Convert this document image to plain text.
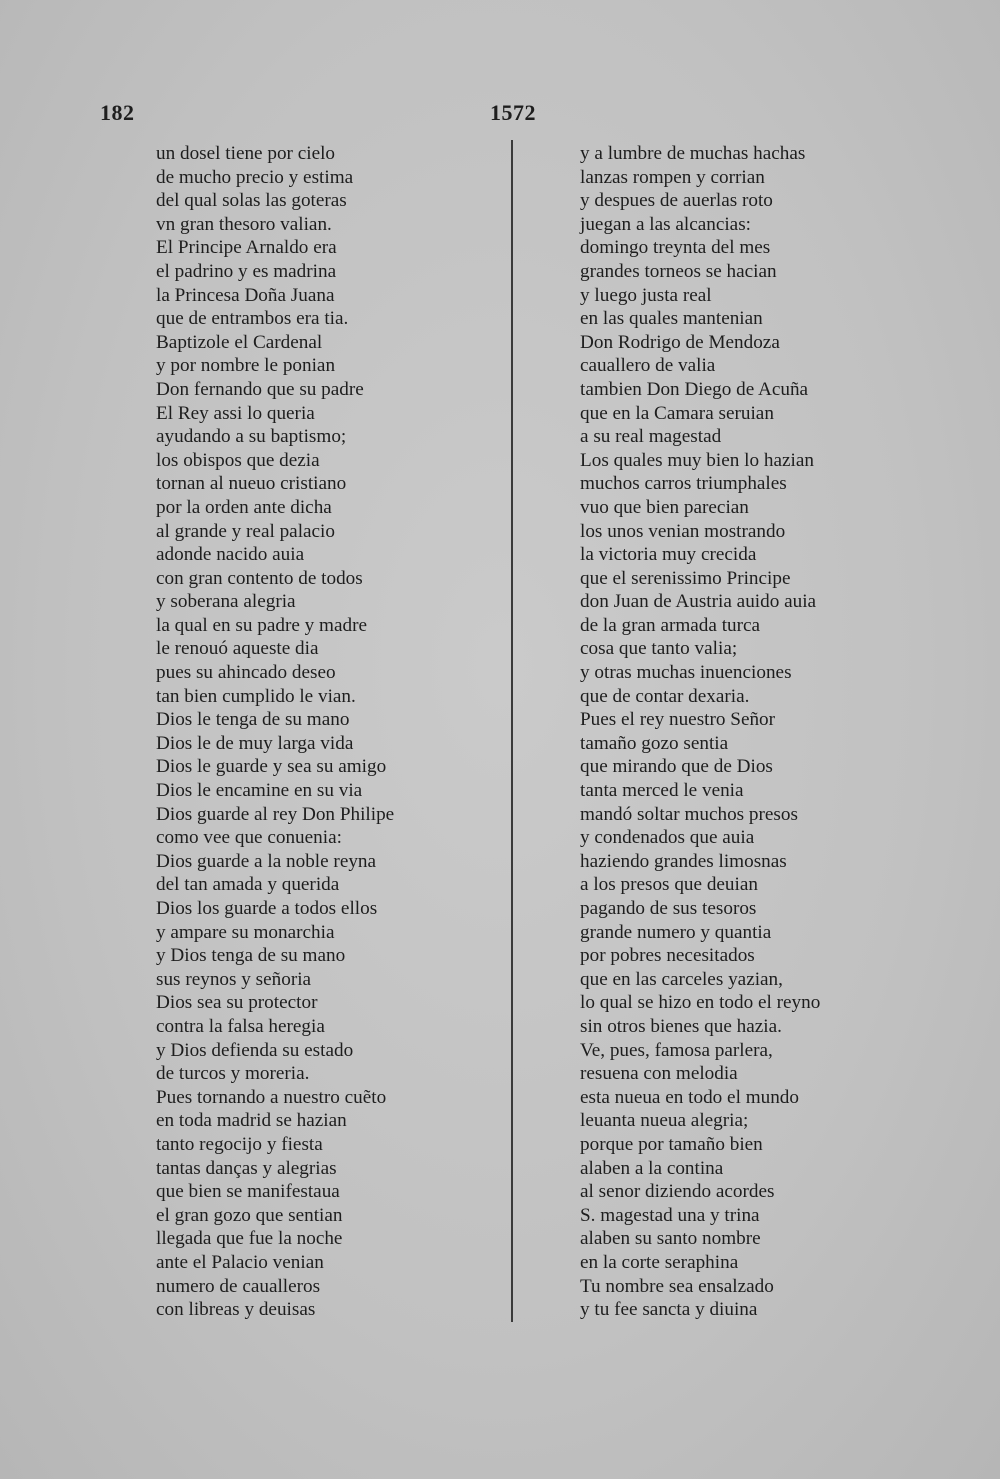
182	1572
un dosel tiene por cielo
de mucho precio y estima
del qual solas las goteras
vn gran thesoro valian.
El Principe Arnaldo era
el padrino y es madrina
la Princesa Doña Juana
que de entrambos era tia.
Baptizole el Cardenal
y por nombre le ponian
Don fernando que su padre
El Rey assi lo queria
ayudando a su baptismo;
los obispos que dezia
tornan al nueuo cristiano
por la orden ante dicha
al grande y real palacio
adonde nacido auia
con gran contento de todos
y soberana alegria
la qual en su padre y madre
le renouó aqueste dia
pues su ahincado deseo
tan bien cumplido le vian.
Dios le tenga de su mano
Dios le de muy larga vida
Dios le guarde y sea su amigo
Dios le encamine en su via
Dios guarde al rey Don Philipe
como vee que conuenia:
Dios guarde a la noble reyna
del tan amada y querida
Dios los guarde a todos ellos
y ampare su monarchia
y Dios tenga de su mano
sus reynos y señoria
Dios sea su protector
contra la falsa heregia
y Dios defienda su estado
de turcos y moreria.
Pues tornando a nuestro cuẽto
en toda madrid se hazian
tanto regocijo y fiesta
tantas danças y alegrias
que bien se manifestaua
el gran gozo que sentian
llegada que fue la noche
ante el Palacio venian
numero de caualleros
con libreas y deuisas
y a lumbre de muchas hachas
lanzas rompen y corrian
y despues de auerlas roto
juegan a las alcancias:
domingo treynta del mes
grandes torneos se hacian
y luego justa real
en las quales mantenian
Don Rodrigo de Mendoza
cauallero de valia
tambien Don Diego de Acuña
que en la Camara seruian
a su real magestad
Los quales muy bien lo hazian
muchos carros triumphales
vuo que bien parecian
los unos venian mostrando
la victoria muy crecida
que el serenissimo Principe
don Juan de Austria auido auia
de la gran armada turca
cosa que tanto valia;
y otras muchas inuenciones
que de contar dexaria.
Pues el rey nuestro Señor
tamaño gozo sentia
que mirando que de Dios
tanta merced le venia
mandó soltar muchos presos
y condenados que auia
haziendo grandes limosnas
a los presos que deuian
pagando de sus tesoros
grande numero y quantia
por pobres necesitados
que en las carceles yazian,
lo qual se hizo en todo el reyno
sin otros bienes que hazia.
Ve, pues, famosa parlera,
resuena con melodia
esta nueua en todo el mundo
leuanta nueua alegria;
porque por tamaño bien
alaben a la contina
al senor diziendo acordes
S. magestad una y trina
alaben su santo nombre
en la corte seraphina
Tu nombre sea ensalzado
y tu fee sancta y diuina
